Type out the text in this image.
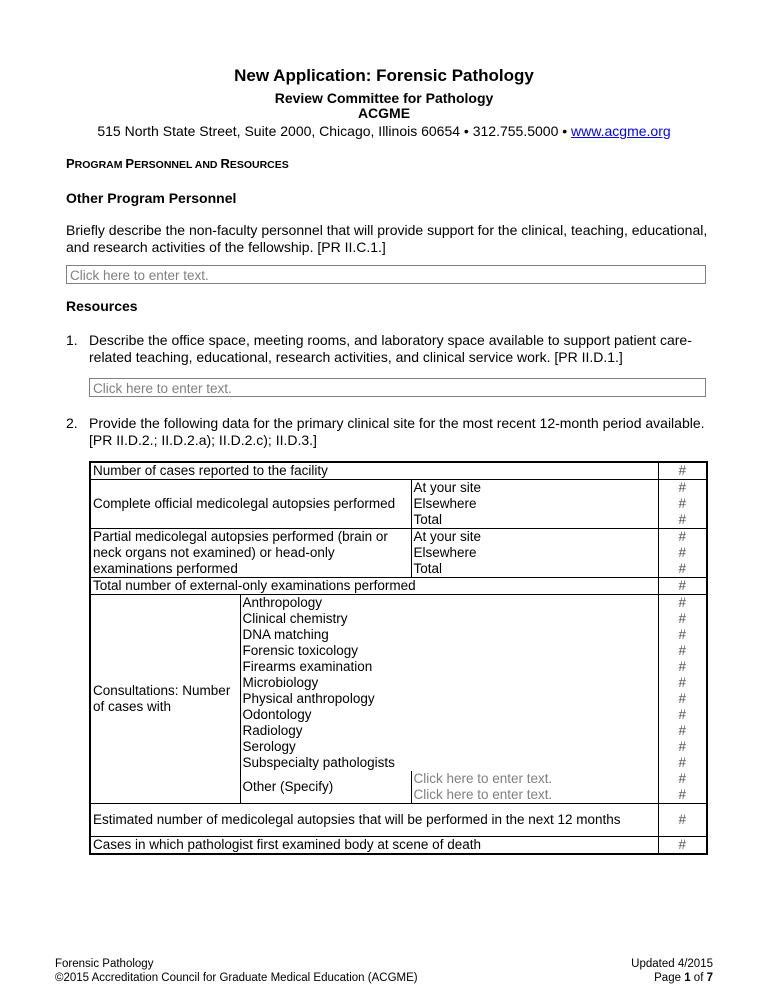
New Application: Forensic Pathology
Review Committee for Pathology
ACGME
515 North State Street, Suite 2000, Chicago, Illinois 60654 • 312.755.5000 • www.acgme.org
PROGRAM PERSONNEL AND RESOURCES
Other Program Personnel
Briefly describe the non-faculty personnel that will provide support for the clinical, teaching, educational, and research activities of the fellowship. [PR II.C.1.]
Click here to enter text.
Resources
1. Describe the office space, meeting rooms, and laboratory space available to support patient care-related teaching, educational, research activities, and clinical service work. [PR II.D.1.]
Click here to enter text.
2. Provide the following data for the primary clinical site for the most recent 12-month period available. [PR II.D.2.; II.D.2.a); II.D.2.c); II.D.3.]
Number of cases reported to the facility			#
Complete official medicolegal autopsies performed		At your site	#
		Elsewhere	#
		Total	#
Partial medicolegal autopsies performed (brain or neck organs not examined) or head-only examinations performed		At your site	#
		Elsewhere	#
		Total	#
Total number of external-only examinations performed			#
Consultations: Number of cases with	Anthropology		#
	Clinical chemistry		#
	DNA matching		#
	Forensic toxicology		#
	Firearms examination		#
	Microbiology		#
	Physical anthropology		#
	Odontology		#
	Radiology		#
	Serology		#
	Subspecialty pathologists		#
	Other (Specify)	Click here to enter text.	#
		Click here to enter text.	#
Estimated number of medicolegal autopsies that will be performed in the next 12 months			#
Cases in which pathologist first examined body at scene of death			#
Forensic Pathology
©2015 Accreditation Council for Graduate Medical Education (ACGME)
Updated 4/2015
Page 1 of 7
